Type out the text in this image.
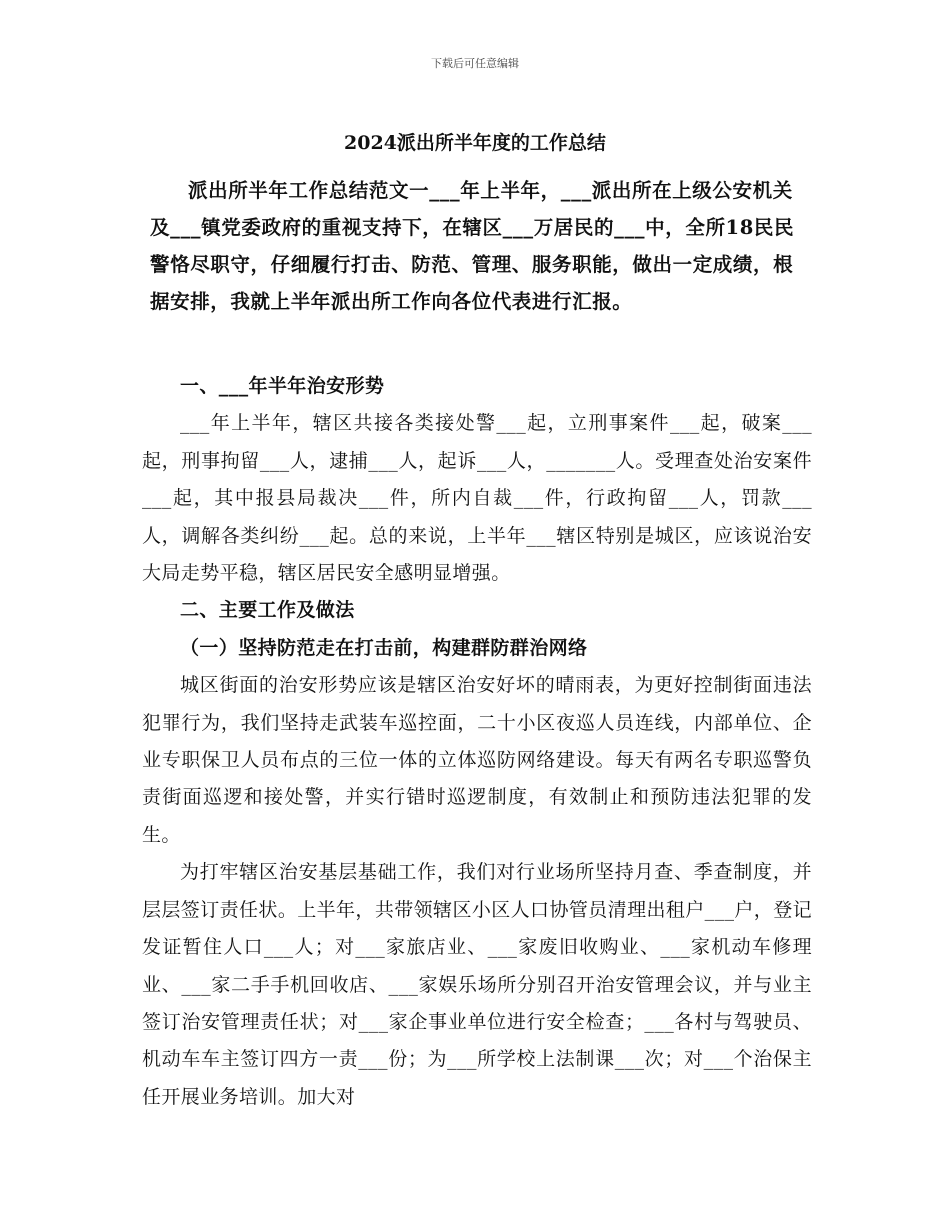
下载后可任意编辑
2024派出所半年度的工作总结

派出所半年工作总结范文一___年上半年，___派出所在上级公安机关及___镇党委政府的重视支持下，在辖区___万居民的___中，全所18民民警恪尽职守，仔细履行打击、防范、管理、服务职能，做出一定成绩，根据安排，我就上半年派出所工作向各位代表进行汇报。

一、___年半年治安形势

___年上半年，辖区共接各类接处警___起，立刑事案件___起，破案___起，刑事拘留___人，逮捕___人，起诉___人，_______人。受理查处治安案件___起，其中报县局裁决___件，所内自裁___件，行政拘留___人，罚款___人，调解各类纠纷___起。总的来说，上半年___辖区特别是城区，应该说治安大局走势平稳，辖区居民安全感明显增强。

二、主要工作及做法

（一）坚持防范走在打击前，构建群防群治网络

城区街面的治安形势应该是辖区治安好坏的晴雨表，为更好控制街面违法犯罪行为，我们坚持走武装车巡控面，二十小区夜巡人员连线，内部单位、企业专职保卫人员布点的三位一体的立体巡防网络建设。每天有两名专职巡警负责街面巡逻和接处警，并实行错时巡逻制度，有效制止和预防违法犯罪的发生。

为打牢辖区治安基层基础工作，我们对行业场所坚持月查、季查制度，并层层签订责任状。上半年，共带领辖区小区人口协管员清理出租户___户，登记发证暂住人口___人；对___家旅店业、___家废旧收购业、___家机动车修理业、___家二手手机回收店、___家娱乐场所分别召开治安管理会议，并与业主签订治安管理责任状；对___家企事业单位进行安全检查；___各村与驾驶员、机动车车主签订四方一责___份；为___所学校上法制课___次；对___个治保主任开展业务培训。加大对
